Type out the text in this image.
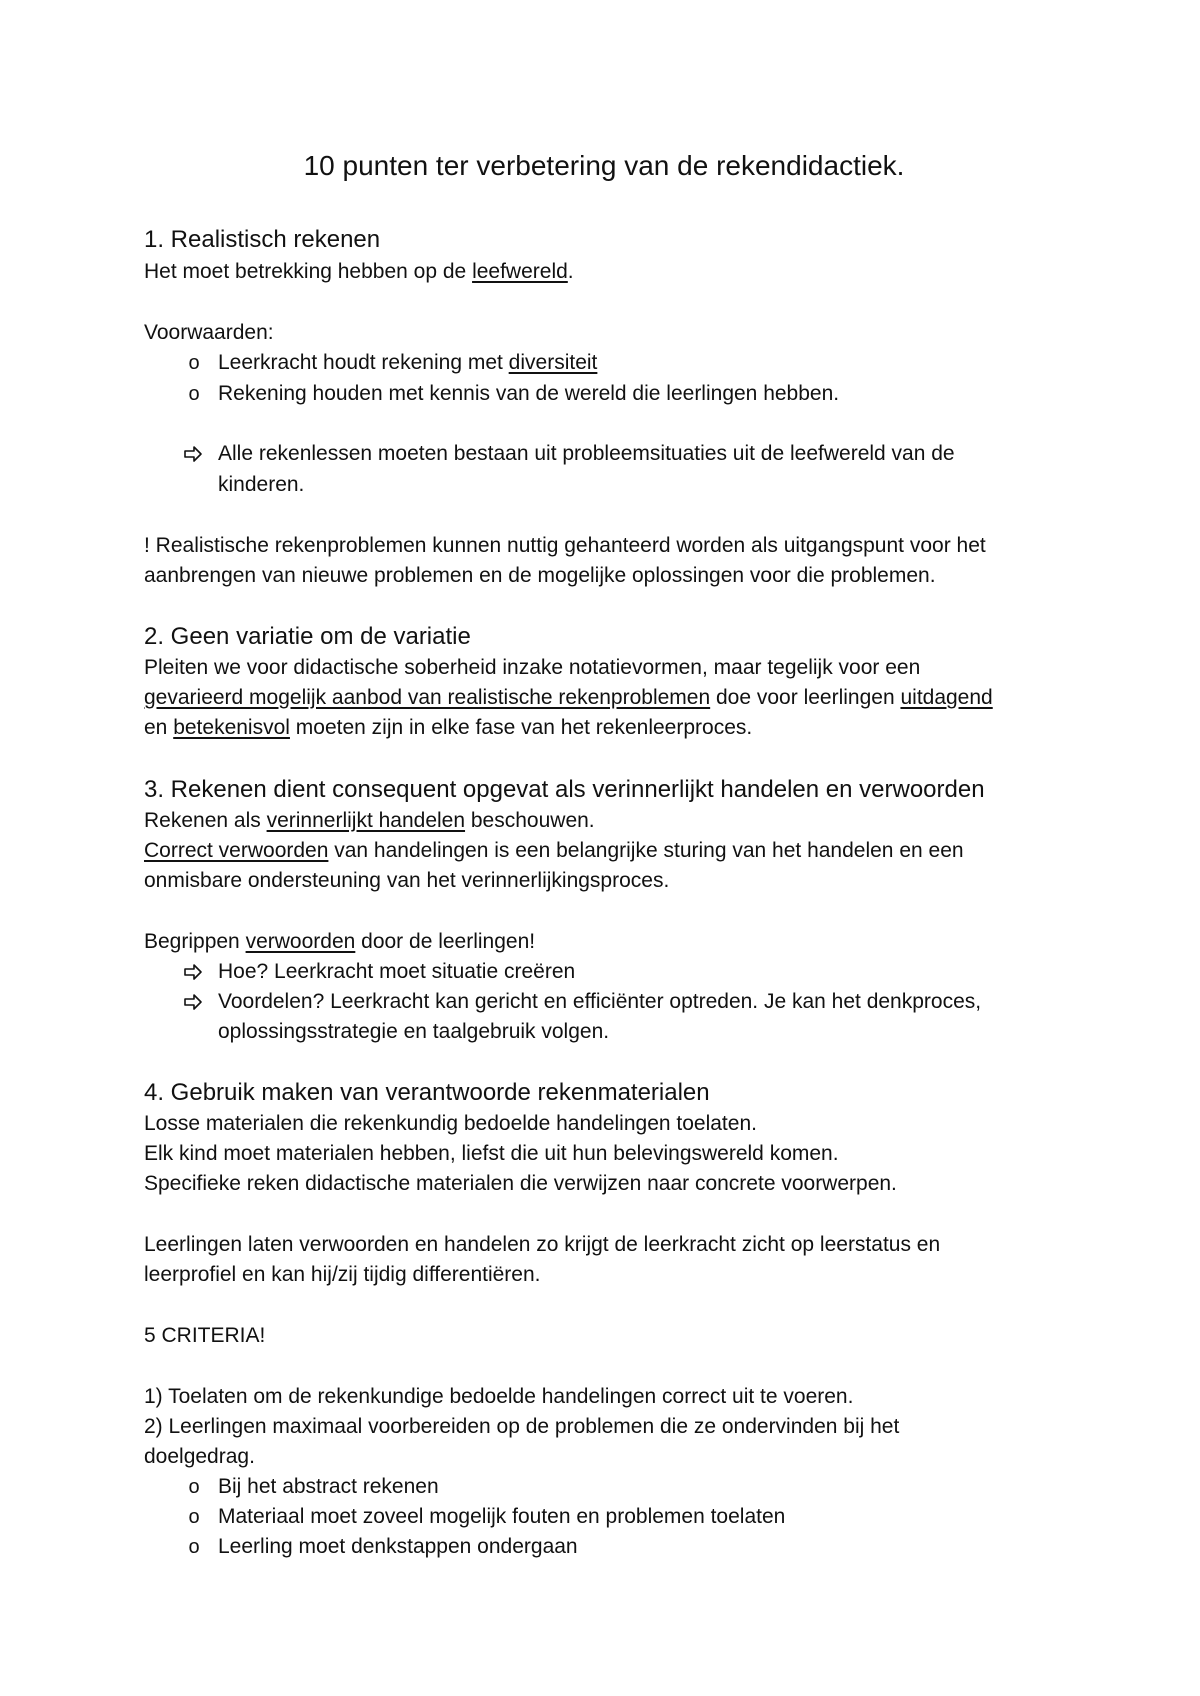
10 punten ter verbetering van de rekendidactiek.
1. Realistisch rekenen
Het moet betrekking hebben op de leefwereld.
Voorwaarden:
o Leerkracht houdt rekening met diversiteit
o Rekening houden met kennis van de wereld die leerlingen hebben.
Alle rekenlessen moeten bestaan uit probleemsituaties uit de leefwereld van de
kinderen.
! Realistische rekenproblemen kunnen nuttig gehanteerd worden als uitgangspunt voor het
aanbrengen van nieuwe problemen en de mogelijke oplossingen voor die problemen.
2. Geen variatie om de variatie
Pleiten we voor didactische soberheid inzake notatievormen, maar tegelijk voor een
gevarieerd mogelijk aanbod van realistische rekenproblemen doe voor leerlingen uitdagend
en betekenisvol moeten zijn in elke fase van het rekenleerproces.
3. Rekenen dient consequent opgevat als verinnerlijkt handelen en verwoorden
Rekenen als verinnerlijkt handelen beschouwen.
Correct verwoorden van handelingen is een belangrijke sturing van het handelen en een
onmisbare ondersteuning van het verinnerlijkingsproces.
Begrippen verwoorden door de leerlingen!
Hoe? Leerkracht moet situatie creëren
Voordelen? Leerkracht kan gericht en efficiënter optreden. Je kan het denkproces,
oplossingsstrategie en taalgebruik volgen.
4. Gebruik maken van verantwoorde rekenmaterialen
Losse materialen die rekenkundig bedoelde handelingen toelaten.
Elk kind moet materialen hebben, liefst die uit hun belevingswereld komen.
Specifieke reken didactische materialen die verwijzen naar concrete voorwerpen.
Leerlingen laten verwoorden en handelen zo krijgt de leerkracht zicht op leerstatus en
leerprofiel en kan hij/zij tijdig differentiëren.
5 CRITERIA!
1) Toelaten om de rekenkundige bedoelde handelingen correct uit te voeren.
2) Leerlingen maximaal voorbereiden op de problemen die ze ondervinden bij het
doelgedrag.
o Bij het abstract rekenen
o Materiaal moet zoveel mogelijk fouten en problemen toelaten
o Leerling moet denkstappen ondergaan
